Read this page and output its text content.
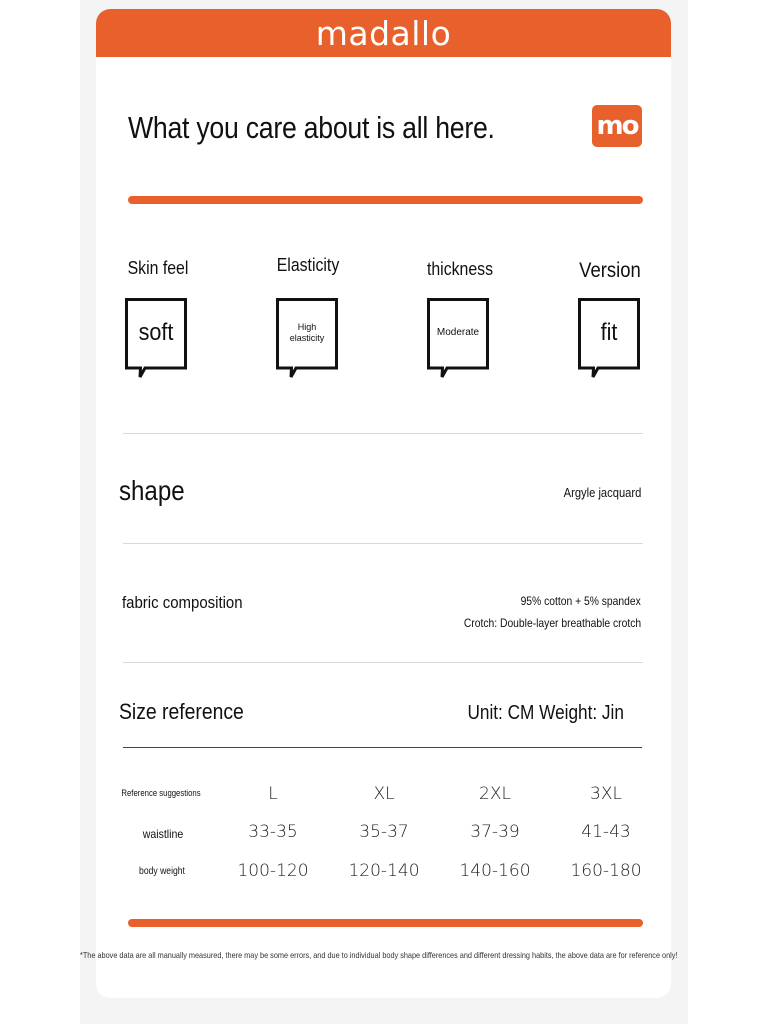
madallo
What you care about is all here.	mo
Skin feel	Elasticity	thickness	Version
soft	High elasticity
Moderate	fit
shape	Argyle jacquard
fabric composition	95% cotton + 5% spandex
Crotch: Double-layer breathable crotch
Size reference	Unit: CM Weight: Jin
Reference suggestions	L	XL	2XL	3XL
waistline	33-35	35-37	37-39	41-43
body weight	100-120	120-140	140-160	160-180
*The above data are all manually measured, there may be some errors, and due to individual body shape differences and different dressing habits, the above data are for reference only!
